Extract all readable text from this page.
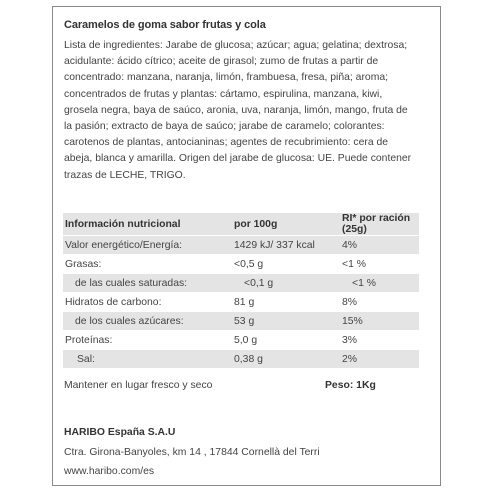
Caramelos de goma sabor frutas y cola
Lista de ingredientes: Jarabe de glucosa; azúcar; agua; gelatina; dextrosa;
acidulante: ácido cítrico; aceite de girasol; zumo de frutas a partir de
concentrado: manzana, naranja, limón, frambuesa, fresa, piña; aroma;
concentrados de frutas y plantas: cártamo, espirulina, manzana, kiwi,
grosela negra, baya de saúco, aronia, uva, naranja, limón, mango, fruta de
la pasión; extracto de baya de saúco; jarabe de caramelo; colorantes:
carotenos de plantas, antocianinas; agentes de recubrimiento: cera de
abeja, blanca y amarilla. Origen del jarabe de glucosa: UE. Puede contener
trazas de LECHE, TRIGO.
Información nutricional	por 100g	RI* por ración (25g)
Valor energético/Energía:	1429 kJ/ 337 kcal	4%
Grasas:	<0,5 g	<1 %
de las cuales saturadas:	<0,1 g	<1 %
Hidratos de carbono:	81 g	8%
de los cuales azúcares:	53 g	15%
Proteínas:	5,0 g	3%
Sal:	0,38 g	2%
Mantener en lugar fresco y seco	Peso: 1Kg
HARIBO España S.A.U
Ctra. Girona-Banyoles, km 14 , 17844 Cornellà del Terri
www.haribo.com/es
